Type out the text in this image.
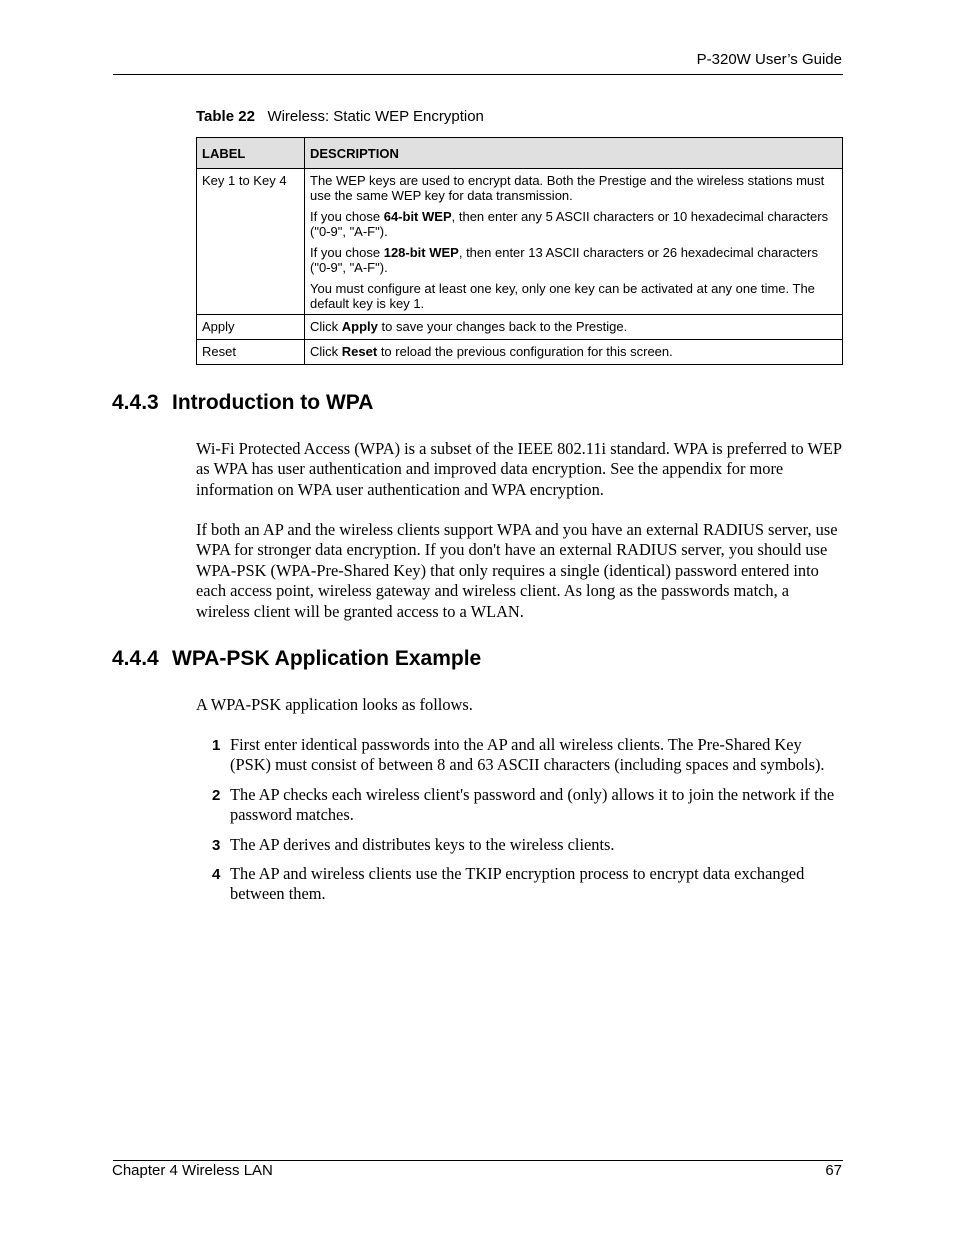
P-320W User’s Guide
Table 22 Wireless: Static WEP Encryption
LABEL	DESCRIPTION
Key 1 to Key 4	The WEP keys are used to encrypt data. Both the Prestige and the wireless stations must use the same WEP key for data transmission.
If you chose 64-bit WEP, then enter any 5 ASCII characters or 10 hexadecimal characters ("0-9", "A-F").
If you chose 128-bit WEP, then enter 13 ASCII characters or 26 hexadecimal characters ("0-9", "A-F").
You must configure at least one key, only one key can be activated at any one time. The default key is key 1.

Apply	Click Apply to save your changes back to the Prestige.
Reset	Click Reset to reload the previous configuration for this screen.
4.4.3 Introduction to WPA

Wi-Fi Protected Access (WPA) is a subset of the IEEE 802.11i standard. WPA is preferred to WEP as WPA has user authentication and improved data encryption. See the appendix for more information on WPA user authentication and WPA encryption.

If both an AP and the wireless clients support WPA and you have an external RADIUS server, use WPA for stronger data encryption. If you don't have an external RADIUS server, you should use WPA-PSK (WPA-Pre-Shared Key) that only requires a single (identical) password entered into each access point, wireless gateway and wireless client. As long as the passwords match, a wireless client will be granted access to a WLAN.

4.4.4 WPA-PSK Application Example

A WPA-PSK application looks as follows.

1 First enter identical passwords into the AP and all wireless clients. The Pre-Shared Key (PSK) must consist of between 8 and 63 ASCII characters (including spaces and symbols).
2 The AP checks each wireless client's password and (only) allows it to join the network if the password matches.
3 The AP derives and distributes keys to the wireless clients.
4 The AP and wireless clients use the TKIP encryption process to encrypt data exchanged between them.
Chapter 4 Wireless LAN	67
